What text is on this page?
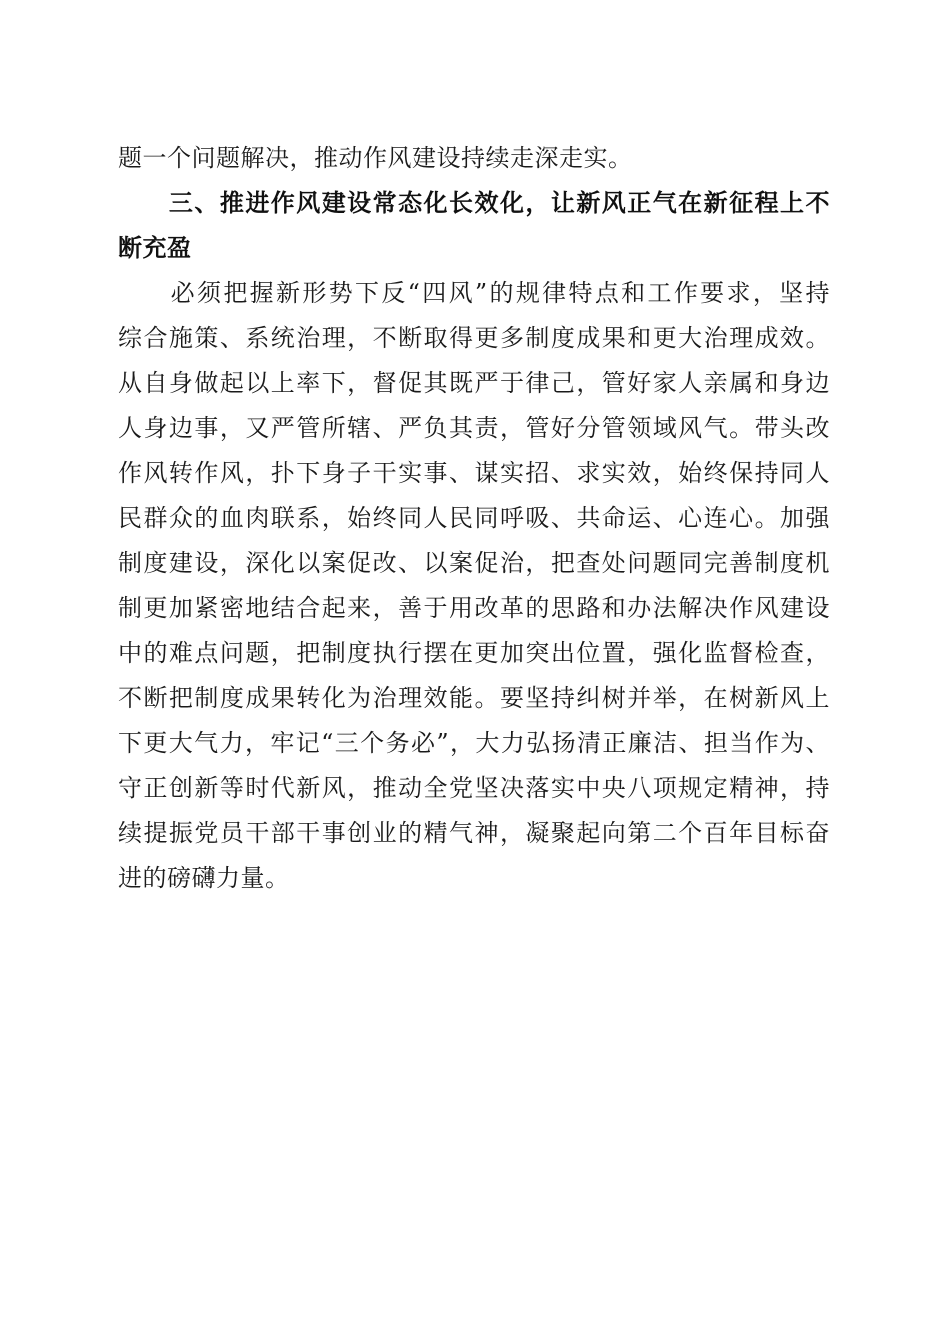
题一个问题解决，推动作风建设持续走深走实。
　　三、推进作风建设常态化长效化，让新风正气在新征程上不
断充盈
　　必须把握新形势下反“四风”的规律特点和工作要求，坚持
综合施策、系统治理，不断取得更多制度成果和更大治理成效。
从自身做起以上率下，督促其既严于律己，管好家人亲属和身边
人身边事，又严管所辖、严负其责，管好分管领域风气。带头改
作风转作风，扑下身子干实事、谋实招、求实效，始终保持同人
民群众的血肉联系，始终同人民同呼吸、共命运、心连心。加强
制度建设，深化以案促改、以案促治，把查处问题同完善制度机
制更加紧密地结合起来，善于用改革的思路和办法解决作风建设
中的难点问题，把制度执行摆在更加突出位置，强化监督检查，
不断把制度成果转化为治理效能。要坚持纠树并举，在树新风上
下更大气力，牢记“三个务必”，大力弘扬清正廉洁、担当作为、
守正创新等时代新风，推动全党坚决落实中央八项规定精神，持
续提振党员干部干事创业的精气神，凝聚起向第二个百年目标奋
进的磅礴力量。
